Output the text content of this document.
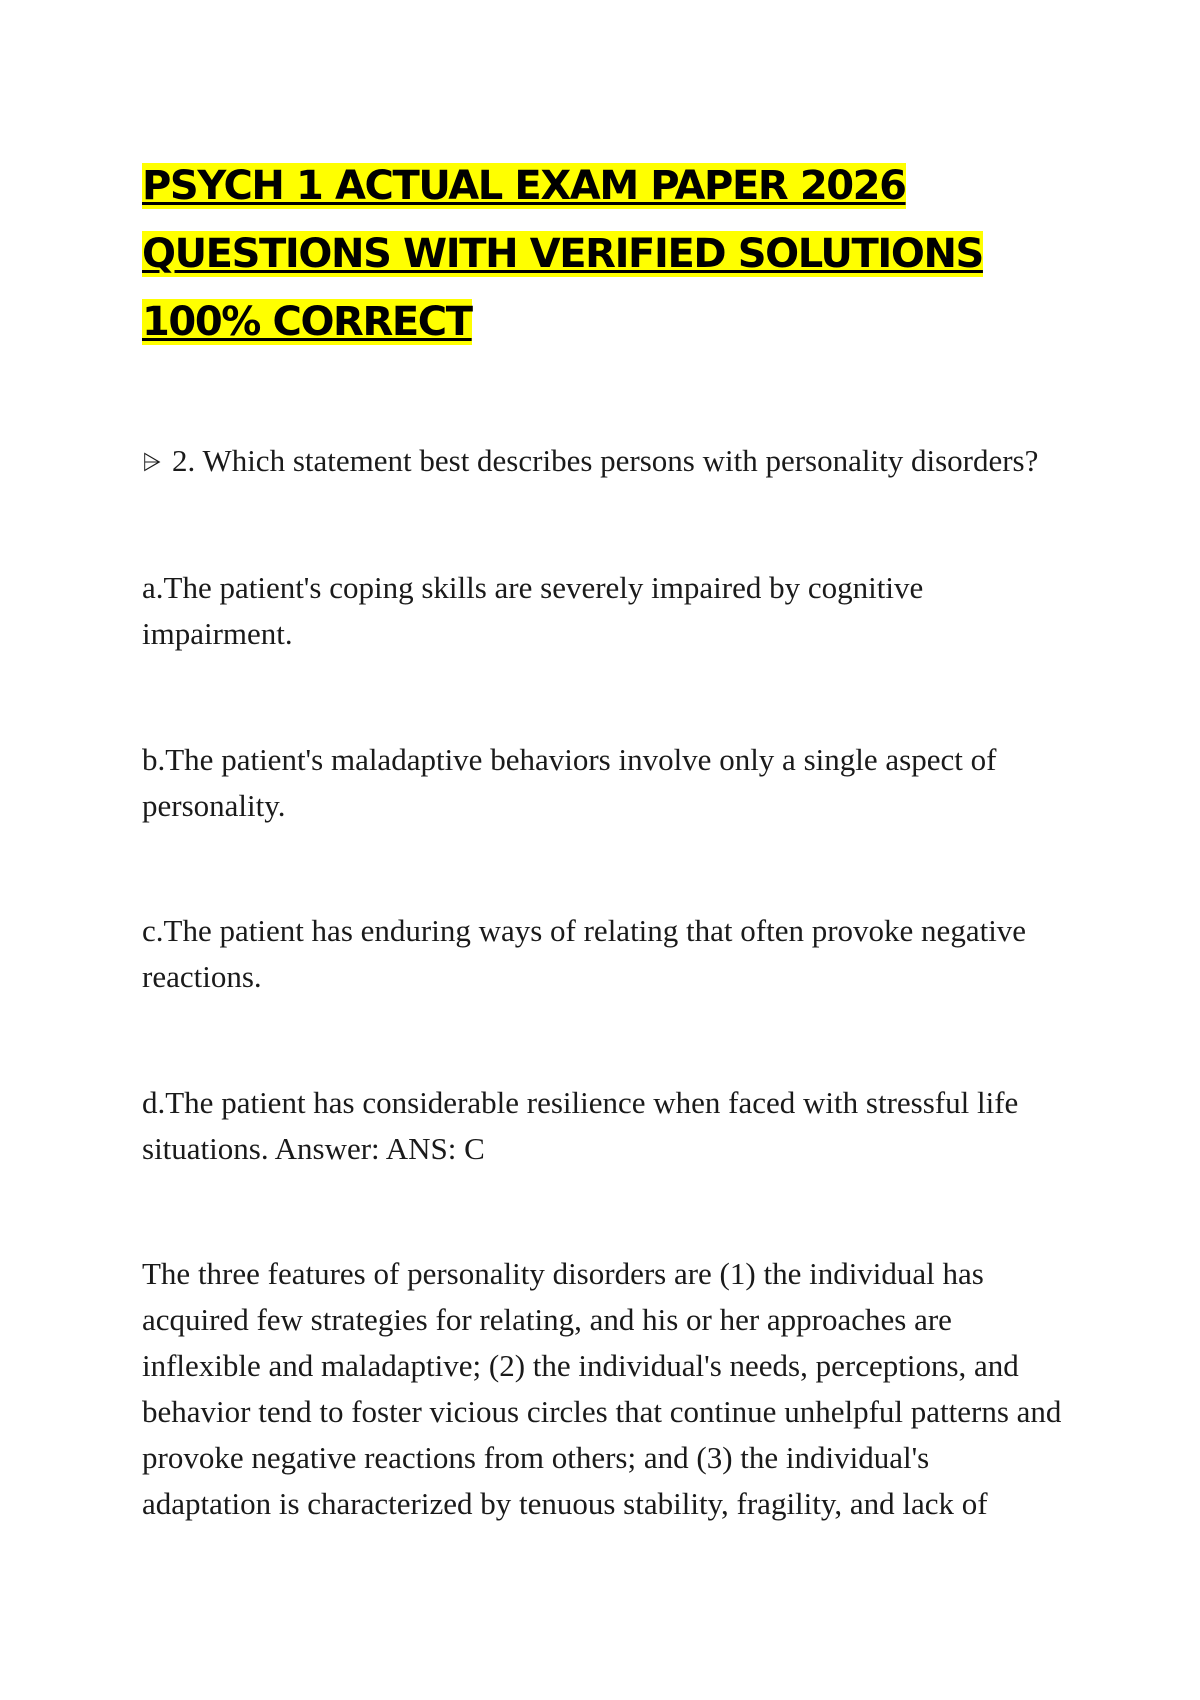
PSYCH 1 ACTUAL EXAM PAPER 2026 QUESTIONS WITH VERIFIED SOLUTIONS 100% CORRECT

⩥ 2. Which statement best describes persons with personality disorders?

a.The patient's coping skills are severely impaired by cognitive impairment.

b.The patient's maladaptive behaviors involve only a single aspect of personality.

c.The patient has enduring ways of relating that often provoke negative reactions.

d.The patient has considerable resilience when faced with stressful life situations. Answer: ANS: C

The three features of personality disorders are (1) the individual has acquired few strategies for relating, and his or her approaches are inflexible and maladaptive; (2) the individual's needs, perceptions, and behavior tend to foster vicious circles that continue unhelpful patterns and provoke negative reactions from others; and (3) the individual's adaptation is characterized by tenuous stability, fragility, and lack of
